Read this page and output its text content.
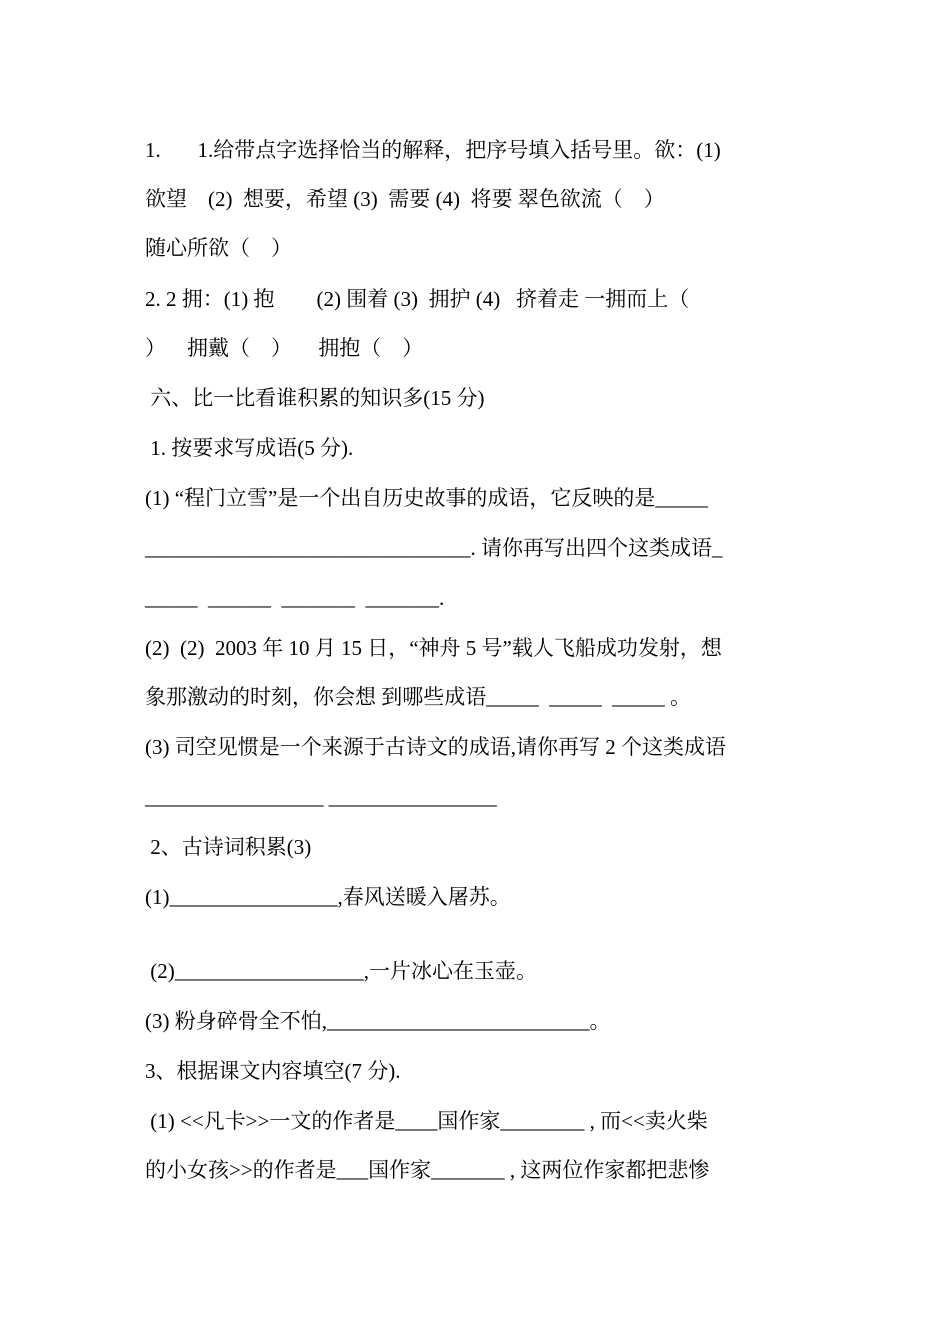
1.       1.给带点字选择恰当的解释，把序号填入括号里。欲：(1)

欲望    (2)  想要，希望 (3)  需要 (4)  将要 翠色欲流（    ）

随心所欲（    ）

2. 2 拥：(1) 抱        (2) 围着 (3)  拥护 (4)   挤着走 一拥而上（

）    拥戴（    ）     拥抱（    ）

六、比一比看谁积累的知识多(15 分)

1. 按要求写成语(5 分).

(1) “程门立雪”是一个出自历史故事的成语，它反映的是_____

_______________________________. 请你再写出四个这类成语_

_____  ______  _______  _______.

(2)  (2)  2003 年 10 月 15 日，“神舟 5 号”载人飞船成功发射，想

象那激动的时刻，你会想 到哪些成语_____  _____  _____ 。

(3) 司空见惯是一个来源于古诗文的成语,请你再写 2 个这类成语

_________________ ________________

2、古诗词积累(3)

(1)________________,春风送暖入屠苏。

(2)__________________,一片冰心在玉壶。

(3) 粉身碎骨全不怕,_________________________。

3、根据课文内容填空(7 分).

(1) <<凡卡>>一文的作者是____国作家________ , 而<<卖火柴

的小女孩>>的作者是___国作家_______ , 这两位作家都把悲惨
